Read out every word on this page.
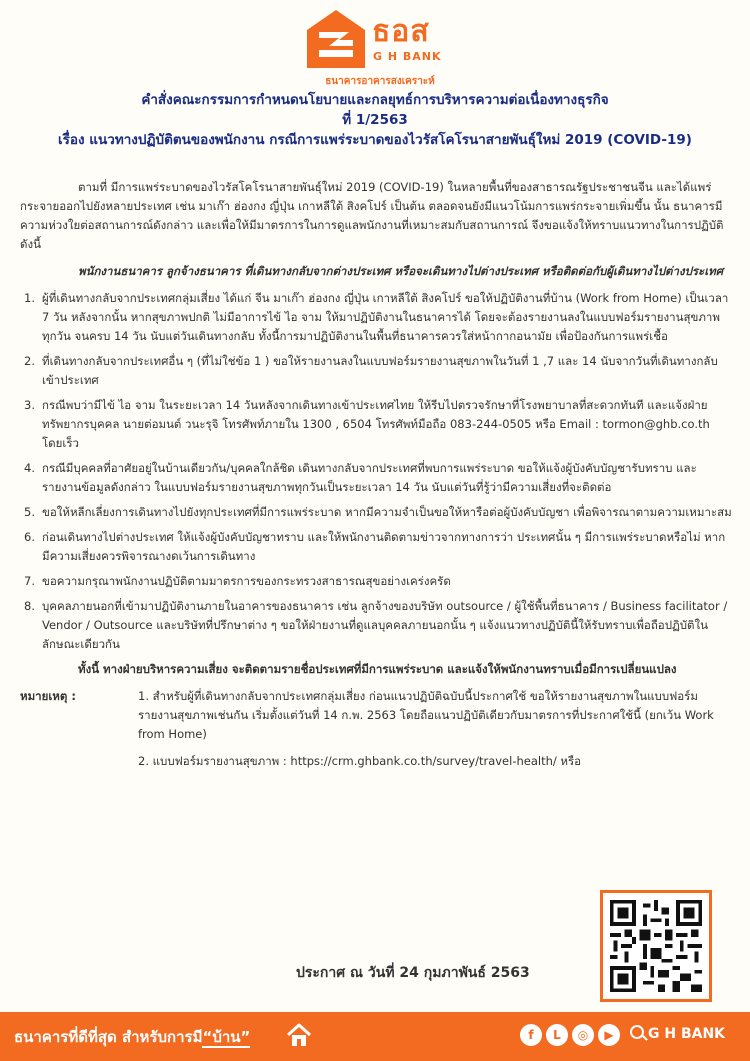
ธอส
G H BANK
ธนาคารอาคารสงเคราะห์
คำสั่งคณะกรรมการกำหนดนโยบายและกลยุทธ์การบริหารความต่อเนื่องทางธุรกิจ
ที่ 1/2563
เรื่อง แนวทางปฏิบัติตนของพนักงาน กรณีการแพร่ระบาดของไวรัสโคโรนาสายพันธุ์ใหม่ 2019 (COVID-19)

ตามที่ มีการแพร่ระบาดของไวรัสโคโรนาสายพันธุ์ใหม่ 2019 (COVID-19) ในหลายพื้นที่ของสาธารณรัฐประชาชนจีน และได้แพร่กระจายออกไปยังหลายประเทศ เช่น มาเก๊า ฮ่องกง ญี่ปุ่น เกาหลีใต้ สิงคโปร์ เป็นต้น ตลอดจนยังมีแนวโน้มการแพร่กระจายเพิ่มขึ้น นั้น ธนาคารมีความห่วงใยต่อสถานการณ์ดังกล่าว และเพื่อให้มีมาตรการในการดูแลพนักงานที่เหมาะสมกับสถานการณ์ จึงขอแจ้งให้ทราบแนวทางในการปฏิบัติ ดังนี้

พนักงานธนาคาร ลูกจ้างธนาคาร ที่เดินทางกลับจากต่างประเทศ หรือจะเดินทางไปต่างประเทศ หรือติดต่อกับผู้เดินทางไปต่างประเทศ

1. ผู้ที่เดินทางกลับจากประเทศกลุ่มเสี่ยง ได้แก่ จีน มาเก๊า ฮ่องกง ญี่ปุ่น เกาหลีใต้ สิงคโปร์ ขอให้ปฏิบัติงานที่บ้าน (Work from Home) เป็นเวลา 7 วัน หลังจากนั้น หากสุขภาพปกติ ไม่มีอาการไข้ ไอ จาม ให้มาปฏิบัติงานในธนาคารได้ โดยจะต้องรายงานลงในแบบฟอร์มรายงานสุขภาพ ทุกวัน จนครบ 14 วัน นับแต่วันเดินทางกลับ ทั้งนี้การมาปฏิบัติงานในพื้นที่ธนาคารควรใส่หน้ากากอนามัย เพื่อป้องกันการแพร่เชื้อ
2. ที่เดินทางกลับจากประเทศอื่น ๆ (ที่ไม่ใช่ข้อ 1 ) ขอให้รายงานลงในแบบฟอร์มรายงานสุขภาพในวันที่ 1 ,7 และ 14 นับจากวันที่เดินทางกลับเข้าประเทศ
3. กรณีพบว่ามีไข้ ไอ จาม ในระยะเวลา 14 วันหลังจากเดินทางเข้าประเทศไทย ให้รีบไปตรวจรักษาที่โรงพยาบาลที่สะดวกทันที และแจ้งฝ่ายทรัพยากรบุคคล นายต่อมนต์ วนะรุจิ โทรศัพท์ภายใน 1300 , 6504 โทรศัพท์มือถือ 083-244-0505 หรือ Email : tormon@ghb.co.th โดยเร็ว
4. กรณีมีบุคคลที่อาศัยอยู่ในบ้านเดียวกัน/บุคคลใกล้ชิด เดินทางกลับจากประเทศที่พบการแพร่ระบาด ขอให้แจ้งผู้บังคับบัญชารับทราบ และรายงานข้อมูลดังกล่าว ในแบบฟอร์มรายงานสุขภาพทุกวันเป็นระยะเวลา 14 วัน นับแต่วันที่รู้ว่ามีความเสี่ยงที่จะติดต่อ
5. ขอให้หลีกเลี่ยงการเดินทางไปยังทุกประเทศที่มีการแพร่ระบาด หากมีความจำเป็นขอให้หารือต่อผู้บังคับบัญชา เพื่อพิจารณาตามความเหมาะสม
6. ก่อนเดินทางไปต่างประเทศ ให้แจ้งผู้บังคับบัญชาทราบ และให้พนักงานติดตามข่าวจากทางการว่า ประเทศนั้น ๆ มีการแพร่ระบาดหรือไม่ หากมีความเสี่ยงควรพิจารณางดเว้นการเดินทาง
7. ขอความกรุณาพนักงานปฏิบัติตามมาตรการของกระทรวงสาธารณสุขอย่างเคร่งครัด
8. บุคคลภายนอกที่เข้ามาปฏิบัติงานภายในอาคารของธนาคาร เช่น ลูกจ้างของบริษัท outsource / ผู้ใช้พื้นที่ธนาคาร / Business facilitator / Vendor / Outsource และบริษัทที่ปรึกษาต่าง ๆ ขอให้ฝ่ายงานที่ดูแลบุคคลภายนอกนั้น ๆ แจ้งแนวทางปฏิบัตินี้ให้รับทราบเพื่อถือปฏิบัติในลักษณะเดียวกัน

ทั้งนี้ ทางฝ่ายบริหารความเสี่ยง จะติดตามรายชื่อประเทศที่มีการแพร่ระบาด และแจ้งให้พนักงานทราบเมื่อมีการเปลี่ยนแปลง

หมายเหตุ :	1. สำหรับผู้ที่เดินทางกลับจากประเทศกลุ่มเสี่ยง ก่อนแนวปฏิบัติฉบับนี้ประกาศใช้ ขอให้รายงานสุขภาพในแบบฟอร์มรายงานสุขภาพเช่นกัน เริ่มตั้งแต่วันที่ 14 ก.พ. 2563 โดยถือแนวปฏิบัติเดียวกับมาตรการที่ประกาศใช้นี้ (ยกเว้น Work from Home)
2. แบบฟอร์มรายงานสุขภาพ : https://crm.ghbank.co.th/survey/travel-health/ หรือ
ประกาศ ณ วันที่ 24 กุมภาพันธ์ 2563
ธนาคารที่ดีที่สุด สำหรับการมี“บ้าน”	f	L	◎	▶	G H BANK
